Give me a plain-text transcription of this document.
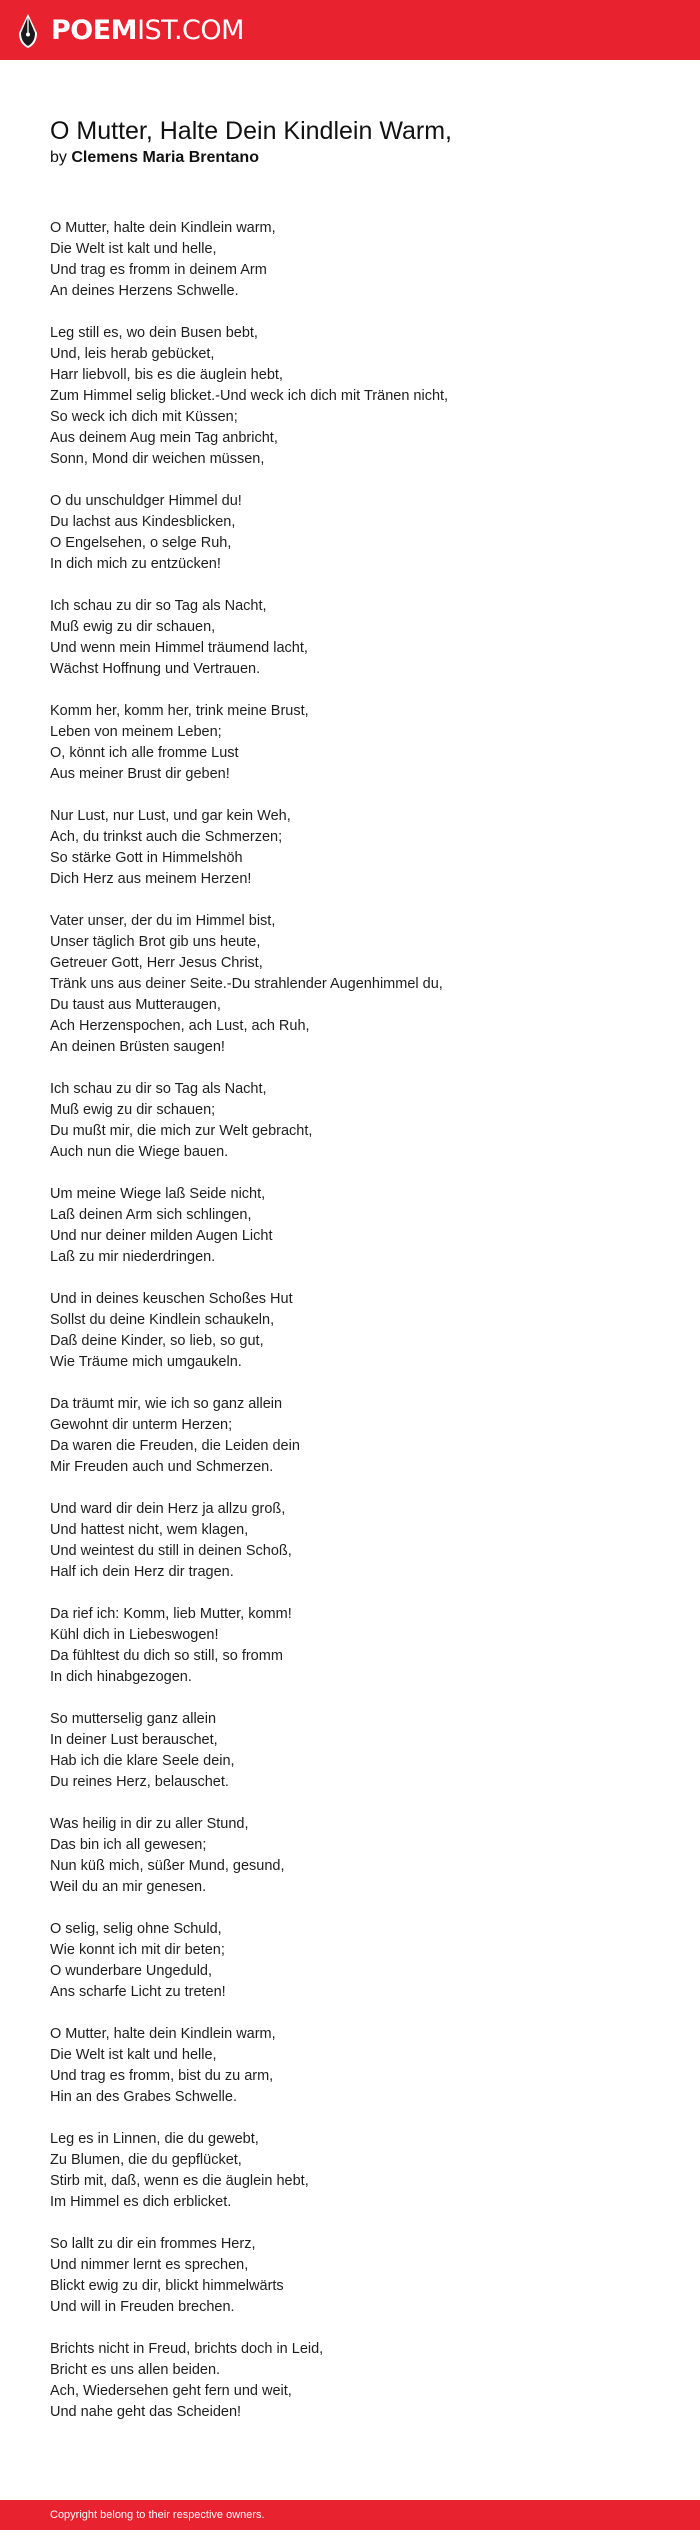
POEMIST.COM
O Mutter, Halte Dein Kindlein Warm,
by Clemens Maria Brentano
O Mutter, halte dein Kindlein warm,
Die Welt ist kalt und helle,
Und trag es fromm in deinem Arm
An deines Herzens Schwelle.
Leg still es, wo dein Busen bebt,
Und, leis herab gebücket,
Harr liebvoll, bis es die äuglein hebt,
Zum Himmel selig blicket.-Und weck ich dich mit Tränen nicht,
So weck ich dich mit Küssen;
Aus deinem Aug mein Tag anbricht,
Sonn, Mond dir weichen müssen,
O du unschuldger Himmel du!
Du lachst aus Kindesblicken,
O Engelsehen, o selge Ruh,
In dich mich zu entzücken!
Ich schau zu dir so Tag als Nacht,
Muß ewig zu dir schauen,
Und wenn mein Himmel träumend lacht,
Wächst Hoffnung und Vertrauen.
Komm her, komm her, trink meine Brust,
Leben von meinem Leben;
O, könnt ich alle fromme Lust
Aus meiner Brust dir geben!
Nur Lust, nur Lust, und gar kein Weh,
Ach, du trinkst auch die Schmerzen;
So stärke Gott in Himmelshöh
Dich Herz aus meinem Herzen!
Vater unser, der du im Himmel bist,
Unser täglich Brot gib uns heute,
Getreuer Gott, Herr Jesus Christ,
Tränk uns aus deiner Seite.-Du strahlender Augenhimmel du,
Du taust aus Mutteraugen,
Ach Herzenspochen, ach Lust, ach Ruh,
An deinen Brüsten saugen!
Ich schau zu dir so Tag als Nacht,
Muß ewig zu dir schauen;
Du mußt mir, die mich zur Welt gebracht,
Auch nun die Wiege bauen.
Um meine Wiege laß Seide nicht,
Laß deinen Arm sich schlingen,
Und nur deiner milden Augen Licht
Laß zu mir niederdringen.
Und in deines keuschen Schoßes Hut
Sollst du deine Kindlein schaukeln,
Daß deine Kinder, so lieb, so gut,
Wie Träume mich umgaukeln.
Da träumt mir, wie ich so ganz allein
Gewohnt dir unterm Herzen;
Da waren die Freuden, die Leiden dein
Mir Freuden auch und Schmerzen.
Und ward dir dein Herz ja allzu groß,
Und hattest nicht, wem klagen,
Und weintest du still in deinen Schoß,
Half ich dein Herz dir tragen.
Da rief ich: Komm, lieb Mutter, komm!
Kühl dich in Liebeswogen!
Da fühltest du dich so still, so fromm
In dich hinabgezogen.
So mutterselig ganz allein
In deiner Lust berauschet,
Hab ich die klare Seele dein,
Du reines Herz, belauschet.
Was heilig in dir zu aller Stund,
Das bin ich all gewesen;
Nun küß mich, süßer Mund, gesund,
Weil du an mir genesen.
O selig, selig ohne Schuld,
Wie konnt ich mit dir beten;
O wunderbare Ungeduld,
Ans scharfe Licht zu treten!
O Mutter, halte dein Kindlein warm,
Die Welt ist kalt und helle,
Und trag es fromm, bist du zu arm,
Hin an des Grabes Schwelle.
Leg es in Linnen, die du gewebt,
Zu Blumen, die du gepflücket,
Stirb mit, daß, wenn es die äuglein hebt,
Im Himmel es dich erblicket.
So lallt zu dir ein frommes Herz,
Und nimmer lernt es sprechen,
Blickt ewig zu dir, blickt himmelwärts
Und will in Freuden brechen.
Brichts nicht in Freud, brichts doch in Leid,
Bricht es uns allen beiden.
Ach, Wiedersehen geht fern und weit,
Und nahe geht das Scheiden!
Copyright belong to their respective owners.
